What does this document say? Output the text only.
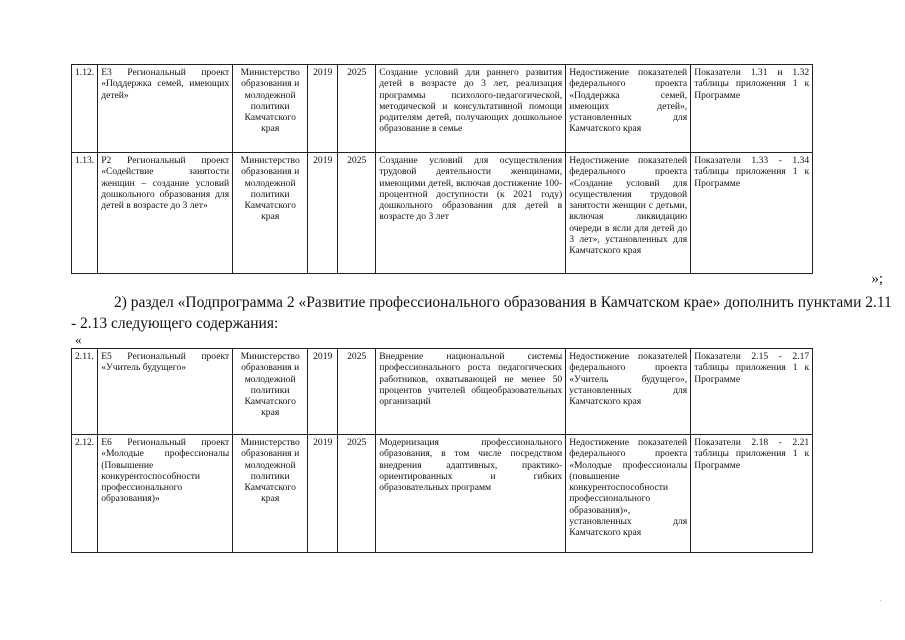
1.12.	E3 Региональный проект «Поддержка семей, имеющих детей»	Министерство образования и молодежной политики Камчатского края	2019	2025	Создание условий для раннего развития детей в возрасте до 3 лет, реализация программы психолого-педагогической, методической и консультативной помощи родителям детей, получающих дошкольное образование в семье	Недостижение показателей федерального проекта «Поддержка семей, имеющих детей», установленных для Камчатского края	Показатели 1.31 и 1.32 таблицы приложения 1 к Программе
1.13.	Р2 Региональный проект «Содействие занятости женщин – создание условий дошкольного образования для детей в возрасте до 3 лет»	Министерство образования и молодежной политики Камчатского края	2019	2025	Создание условий для осуществления трудовой деятельности женщинами, имеющими детей, включая достижение 100-процентной доступности (к 2021 году) дошкольного образования для детей в возрасте до 3 лет	Недостижение показателей федерального проекта «Создание условий для осуществления трудовой занятости женщин с детьми, включая ликвидацию очереди в ясли для детей до 3 лет», установленных для Камчатского края	Показатели 1.33 - 1.34 таблицы приложения 1 к Программе
»;
2) раздел «Подпрограмма 2 «Развитие профессионального образования в Камчатском крае» дополнить пунктами 2.11
- 2.13 следующего содержания:
«
2.11.	Е5 Региональный проект «Учитель будущего»	Министерство образования и молодежной политики Камчатского края	2019	2025	Внедрение национальной системы профессионального роста педагогических работников, охватывающей не менее 50 процентов учителей общеобразовательных организаций	Недостижение показателей федерального проекта «Учитель будущего», установленных для Камчатского края	Показатели 2.15 - 2.17 таблицы приложения 1 к Программе
2.12.	Е6 Региональный проект «Молодые профессионалы (Повышение конкурентоспособности профессионального образования)»	Министерство образования и молодежной политики Камчатского края	2019	2025	Модернизация профессионального образования, в том числе посредством внедрения адаптивных, практико-ориентированных и гибких образовательных программ	Недостижение показателей федерального проекта «Молодые профессионалы (повышение конкурентоспособности профессионального образования)», установленных для Камчатского края	Показатели 2.18 - 2.21 таблицы приложения 1 к Программе
